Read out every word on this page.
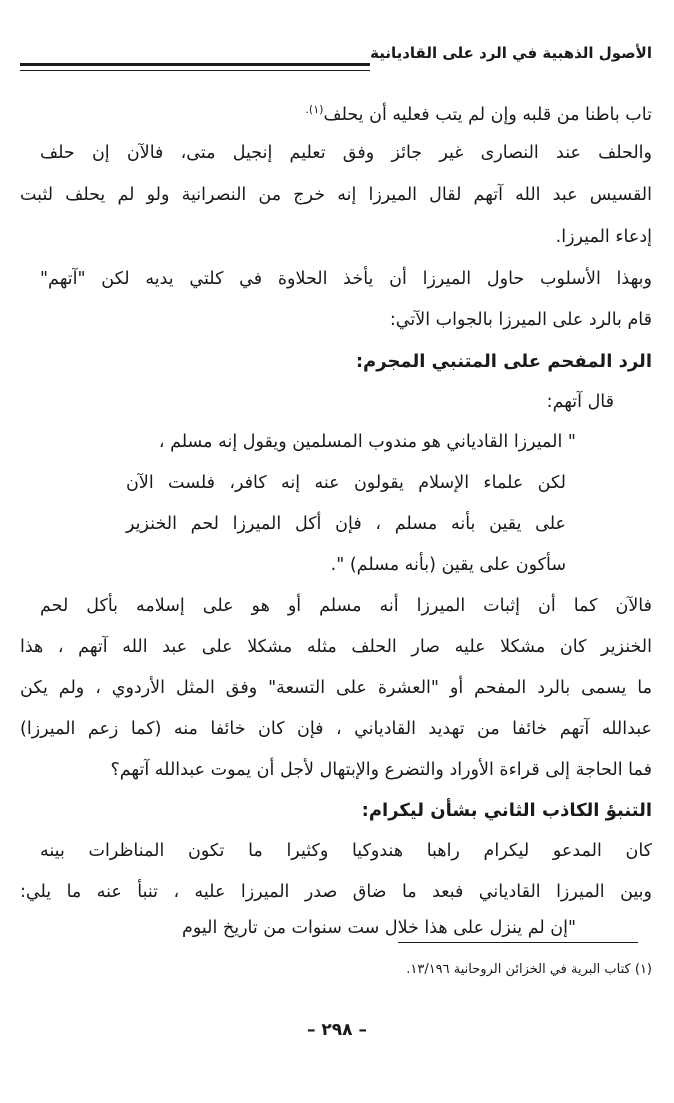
الأصول الذهبية في الرد على القاديانية
تاب باطنا من قلبه وإن لم يتب فعليه أن يحلف$^{(١).}$
والحلف عند النصارى غير جائز وفق تعليم إنجيل متى، فالآن إن حلف
القسيس عبد الله آتهم لقال الميرزا إنه خرج من النصرانية ولو لم يحلف لثبت
إدعاء الميرزا.
وبهذا الأسلوب حاول الميرزا أن يأخذ الحلاوة في كلتي يديه لكن "آتهم"
قام بالرد على الميرزا بالجواب الآتي:
الرد المفحم على المتنبي المجرم:
قال آتهم:
" الميرزا القادياني هو مندوب المسلمين ويقول إنه مسلم ،
لكن علماء الإسلام يقولون عنه إنه كافر، فلست الآن
على يقين بأنه مسلم ، فإن أكل الميرزا لحم الخنزير
سأكون على يقين (بأنه مسلم) ".
فالآن كما أن إثبات الميرزا أنه مسلم أو هو على إسلامه بأكل لحم
الخنزير كان مشكلا عليه صار الحلف مثله مشكلا على عبد الله آتهم ، هذا
ما يسمى بالرد المفحم أو "العشرة على التسعة" وفق المثل الأردوي ، ولم يكن
عبدالله آتهم خائفا من تهديد القادياني ، فإن كان خائفا منه (كما زعم الميرزا)
فما الحاجة إلى قراءة الأوراد والتضرع والإبتهال لأجل أن يموت عبدالله آتهم؟
التنبؤ الكاذب الثاني بشأن ليكرام:
كان المدعو ليكرام راهبا هندوكيا وكثيرا ما تكون المناظرات بينه
وبين الميرزا القادياني فبعد ما ضاق صدر الميرزا عليه ، تنبأ عنه ما يلي:
"إن لم ينزل على هذا خلال ست سنوات من تاريخ اليوم
(١) كتاب البرية في الخزائن الروحانية ١٣/١٩٦.
– ٢٩٨ –
